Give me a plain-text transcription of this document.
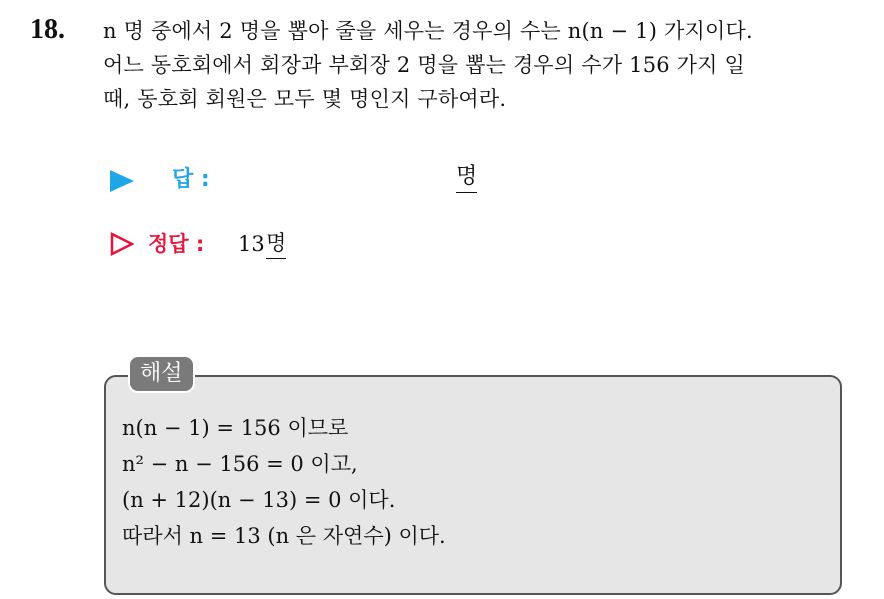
18. n 명 중에서 2 명을 뽑아 줄을 세우는 경우의 수는 n(n − 1) 가지이다.
어느 동호회에서 회장과 부회장 2 명을 뽑는 경우의 수가 156 가지 일
때, 동호회 회원은 모두 몇 명인지 구하여라.
답 :	명
정답 : 13 명
해설
n(n − 1) = 156 이므로
n² − n − 156 = 0 이고,
(n + 12)(n − 13) = 0 이다.
따라서 n = 13 (n 은 자연수) 이다.
